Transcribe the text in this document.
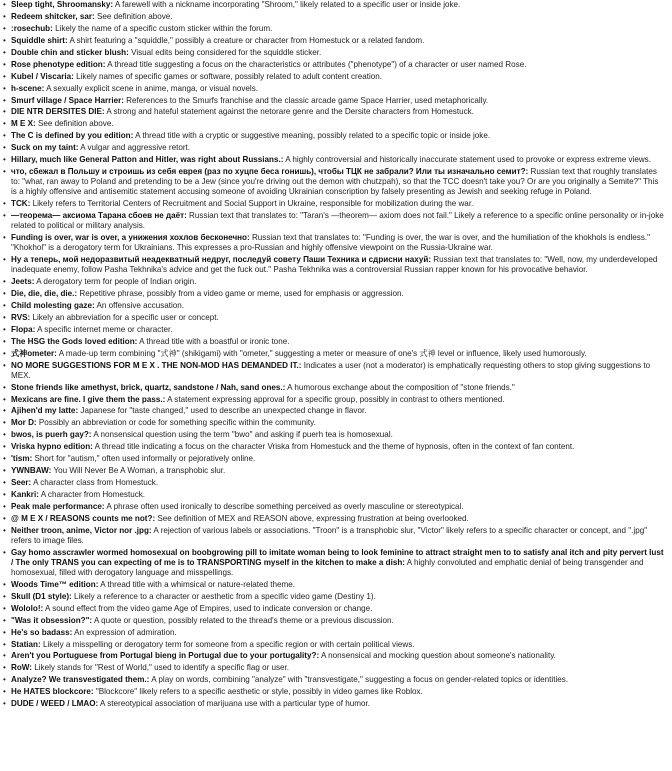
• Sleep tight, Shroomansky: A farewell with a nickname incorporating "Shroom," likely related to a specific user or inside joke.
• Redeem shitcker, sar: See definition above.
• :rosechub: Likely the name of a specific custom sticker within the forum.
• Squiddle shirt: A shirt featuring a "squiddle," possibly a creature or character from Homestuck or a related fandom.
• Double chin and sticker blush: Visual edits being considered for the squiddle sticker.
• Rose phenotype edition: A thread title suggesting a focus on the characteristics or attributes ("phenotype") of a character or user named Rose.
• Kubel / Viscaria: Likely names of specific games or software, possibly related to adult content creation.
• h-scene: A sexually explicit scene in anime, manga, or visual novels.
• Smurf village / Space Harrier: References to the Smurfs franchise and the classic arcade game Space Harrier, used metaphorically.
• DIE NTR DERSITES DIE: A strong and hateful statement against the netorare genre and the Dersite characters from Homestuck.
• M E X: See definition above.
• The C is defined by you edition: A thread title with a cryptic or suggestive meaning, possibly related to a specific topic or inside joke.
• Suck on my taint: A vulgar and aggressive retort.
• Hillary, much like General Patton and Hitler, was right about Russians.: A highly controversial and historically inaccurate statement used to provoke or express extreme views.
• что, сбежал в Польшу и строишь из себя еврея (раз по хуцпе беса гонишь), чтобы ТЦК не забрали? Или ты изначально семит?: Russian text that roughly translates to: "what, ran away to Poland and pretending to be a Jew (since you're driving out the demon with chutzpah), so that the TCC doesn't take you? Or are you originally a Semite?" This is a highly offensive and antisemitic statement accusing someone of avoiding Ukrainian conscription by falsely presenting as Jewish and seeking refuge in Poland.
• TCK: Likely refers to Territorial Centers of Recruitment and Social Support in Ukraine, responsible for mobilization during the war.
• —теорема— аксиома Тарана сбоев не даёт: Russian text that translates to: "Taran's —theorem— axiom does not fail." Likely a reference to a specific online personality or in-joke related to political or military analysis.
• Funding is over, war is over, а унижения хохлов бесконечно: Russian text that translates to: "Funding is over, the war is over, and the humiliation of the khokhols is endless." "Khokhol" is a derogatory term for Ukrainians. This expresses a pro-Russian and highly offensive viewpoint on the Russia-Ukraine war.
• Ну а теперь, мой недоразвитый неадекватный недруг, последуй совету Паши Техника и сдрисни нахуй: Russian text that translates to: "Well, now, my underdeveloped inadequate enemy, follow Pasha Tekhnika's advice and get the fuck out." Pasha Tekhnika was a controversial Russian rapper known for his provocative behavior.
• Jeets: A derogatory term for people of Indian origin.
• Die, die, die, die.: Repetitive phrase, possibly from a video game or meme, used for emphasis or aggression.
• Child molesting gaze: An offensive accusation.
• RVS: Likely an abbreviation for a specific user or concept.
• Flopa: A specific internet meme or character.
• The HSG the Gods loved edition: A thread title with a boastful or ironic tone.
• 式神ometer: A made-up term combining "式神" (shikigami) with "ometer," suggesting a meter or measure of one's 式神 level or influence, likely used humorously.
• NO MORE SUGGESTIONS FOR M E X . THE NON-MOD HAS DEMANDED IT.: Indicates a user (not a moderator) is emphatically requesting others to stop giving suggestions to MEX.
• Stone friends like amethyst, brick, quartz, sandstone / Nah, sand ones.: A humorous exchange about the composition of "stone friends."
• Mexicans are fine. I give them the pass.: A statement expressing approval for a specific group, possibly in contrast to others mentioned.
• Ajihen'd my latte: Japanese for "taste changed," used to describe an unexpected change in flavor.
• Mor D: Possibly an abbreviation or code for something specific within the community.
• bwos, is puerh gay?: A nonsensical question using the term "bwo" and asking if puerh tea is homosexual.
• Vriska hypno edition: A thread title indicating a focus on the character Vriska from Homestuck and the theme of hypnosis, often in the context of fan content.
• 'tism: Short for "autism," often used informally or pejoratively online.
• YWNBAW: You Will Never Be A Woman, a transphobic slur.
• Seer: A character class from Homestuck.
• Kankri: A character from Homestuck.
• Peak male performance: A phrase often used ironically to describe something perceived as overly masculine or stereotypical.
• @ M E X / REASONS counts me not?: See definition of MEX and REASON above, expressing frustration at being overlooked.
• Neither troon, anime, Victor nor .jpg: A rejection of various labels or associations. "Troon" is a transphobic slur, "Victor" likely refers to a specific character or concept, and ".jpg" refers to image files.
• Gay homo asscrawler wormed homosexual on boobgrowing pill to imitate woman being to look feminine to attract straight men to to satisfy anal itch and pity pervert lust / The only TRANS you can expecting of me is to TRANSPORTING myself in the kitchen to make a dish: A highly convoluted and emphatic denial of being transgender and homosexual, filled with derogatory language and misspellings.
• Woods Time™ edition: A thread title with a whimsical or nature-related theme.
• Skull (D1 style): Likely a reference to a character or aesthetic from a specific video game (Destiny 1).
• Wololo!: A sound effect from the video game Age of Empires, used to indicate conversion or change.
• "Was it obsession?": A quote or question, possibly related to the thread's theme or a previous discussion.
• He's so badass: An expression of admiration.
• Statian: Likely a misspelling or derogatory term for someone from a specific region or with certain political views.
• Aren't you Portuguese from Portugal bieng in Portugal due to your portugality?: A nonsensical and mocking question about someone's nationality.
• RoW: Likely stands for "Rest of World," used to identify a specific flag or user.
• Analyze? We transvestigated them.: A play on words, combining "analyze" with "transvestigate," suggesting a focus on gender-related topics or identities.
• He HATES blockcore: "Blockcore" likely refers to a specific aesthetic or style, possibly in video games like Roblox.
• DUDE / WEED / LMAO: A stereotypical association of marijuana use with a particular type of humor.
